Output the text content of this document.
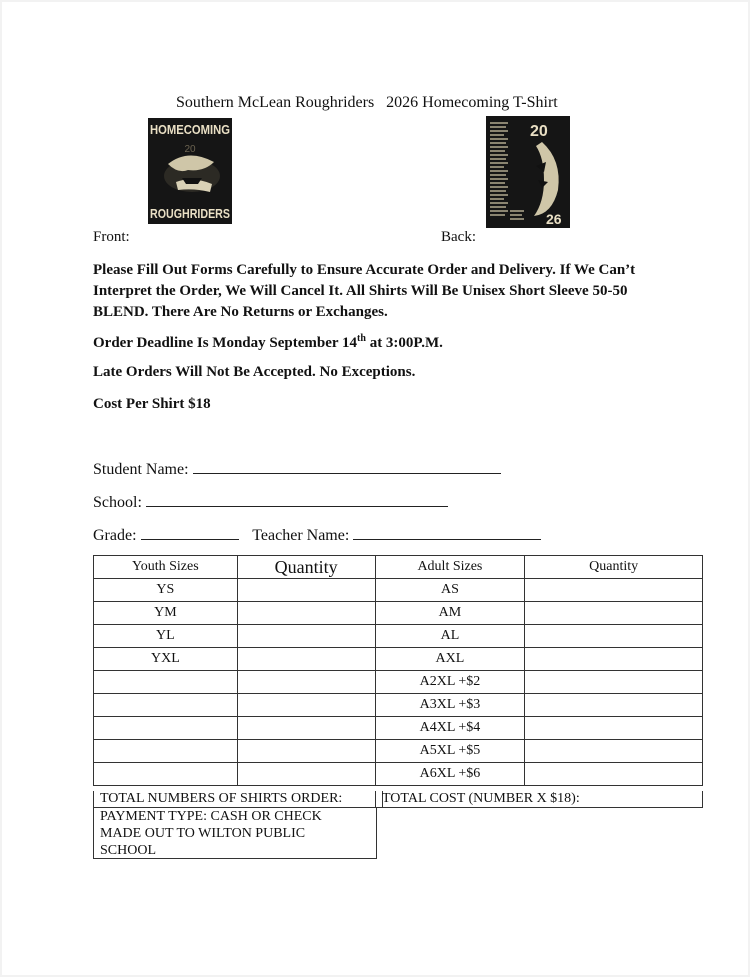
Southern McLean Roughriders   2026 Homecoming T-Shirt
HOMECOMING
20
ROUGHRIDERS
20
26
Front:	Back:
Please Fill Out Forms Carefully to Ensure Accurate Order and Delivery. If We Can’t Interpret the Order, We Will Cancel It. All Shirts Will Be Unisex Short Sleeve 50-50 BLEND. There Are No Returns or Exchanges.
Order Deadline Is Monday September 14th at 3:00P.M.
Late Orders Will Not Be Accepted. No Exceptions.
Cost Per Shirt $18
Student Name:
School:
Grade:	Teacher Name:
Youth Sizes	Quantity	Adult Sizes	Quantity
YS		AS	
YM		AM	
YL		AL	
YXL		AXL	
		A2XL +$2	
		A3XL +$3	
		A4XL +$4	
		A5XL +$5	
		A6XL +$6	
TOTAL NUMBERS OF SHIRTS ORDER:	TOTAL COST (NUMBER X $18):
PAYMENT TYPE: CASH OR CHECK
MADE OUT TO WILTON PUBLIC
SCHOOL
